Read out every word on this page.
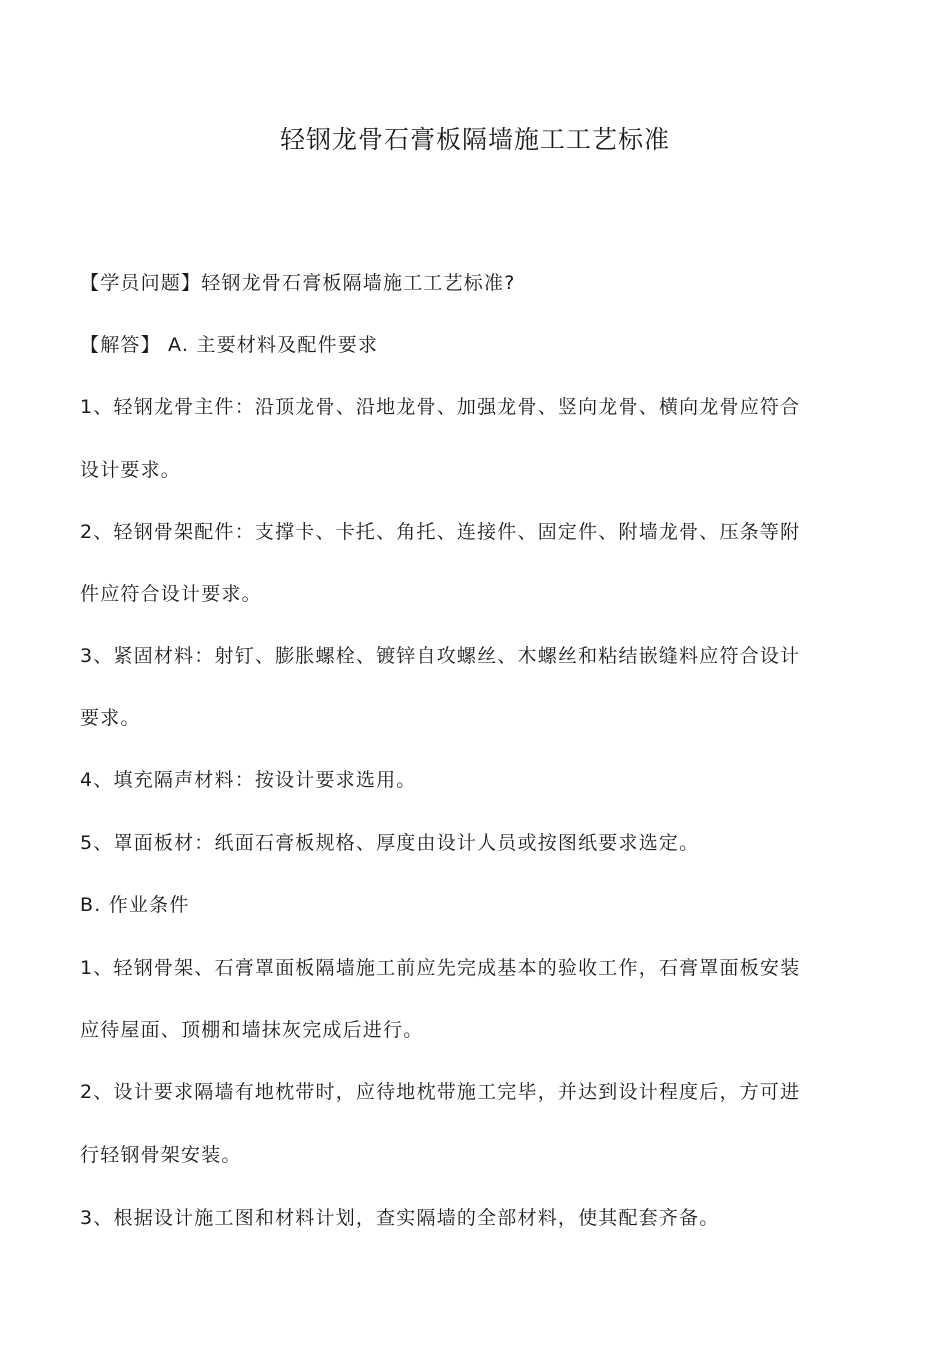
轻钢龙骨石膏板隔墙施工工艺标准
【学员问题】轻钢龙骨石膏板隔墙施工工艺标准?
【解答】 A. 主要材料及配件要求
1、轻钢龙骨主件：沿顶龙骨、沿地龙骨、加强龙骨、竖向龙骨、横向龙骨应符合
设计要求。
2、轻钢骨架配件：支撑卡、卡托、角托、连接件、固定件、附墙龙骨、压条等附
件应符合设计要求。
3、紧固材料：射钉、膨胀螺栓、镀锌自攻螺丝、木螺丝和粘结嵌缝料应符合设计
要求。
4、填充隔声材料：按设计要求选用。
5、罩面板材：纸面石膏板规格、厚度由设计人员或按图纸要求选定。
B. 作业条件
1、轻钢骨架、石膏罩面板隔墙施工前应先完成基本的验收工作，石膏罩面板安装
应待屋面、顶棚和墙抹灰完成后进行。
2、设计要求隔墙有地枕带时，应待地枕带施工完毕，并达到设计程度后，方可进
行轻钢骨架安装。
3、根据设计施工图和材料计划，查实隔墙的全部材料，使其配套齐备。
